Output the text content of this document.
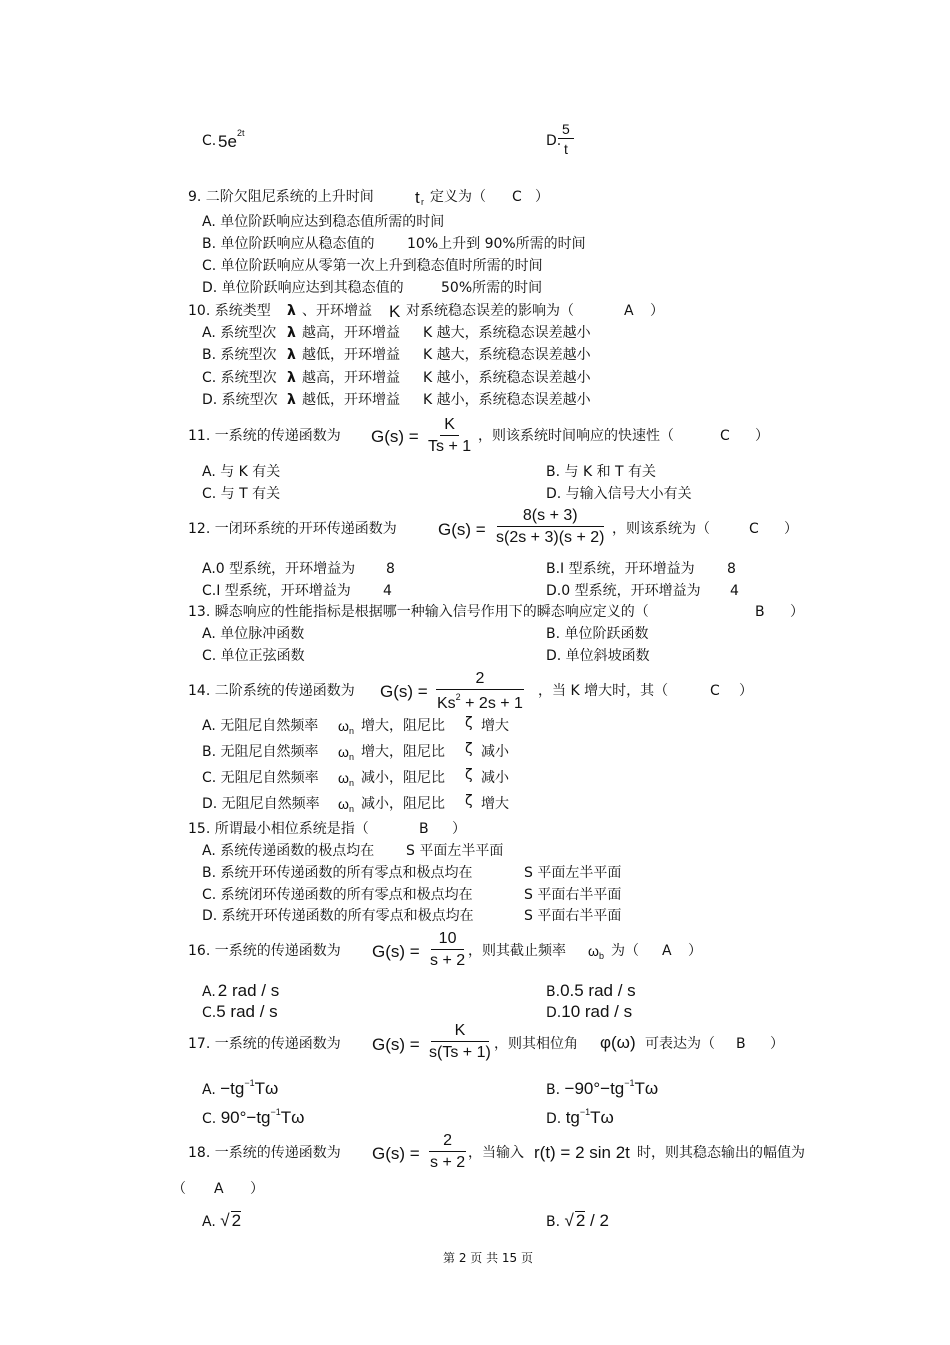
C. 5e 2t	D.
$\frac{5}{t}$
9. 二阶欠阻尼系统的上升时间 t r 定义为（ C ）
A. 单位阶跃响应达到稳态值所需的时间
B. 单位阶跃响应从稳态值的 10%上升到 90%所需的时间
C. 单位阶跃响应从零第一次上升到稳态值时所需的时间
D. 单位阶跃响应达到其稳态值的	50%所需的时间
10. 系统类型 λ 、开环增益 K 对系统稳态误差的影响为（	A ）
A. 系统型次 λ 越高，开环增益 K 越大，系统稳态误差越小
B. 系统型次 λ 越低，开环增益 K 越大，系统稳态误差越小
C. 系统型次 λ 越高，开环增益 K 越小，系统稳态误差越小
D. 系统型次 λ 越低，开环增益 K 越小，系统稳态误差越小
11. 一系统的传递函数为 $G(s) = \frac{K}{Ts + 1}$ ，则该系统时间响应的快速性（	C ）
A. 与 K 有关	B. 与 K 和 T 有关
C. 与 T 有关	D. 与输入信号大小有关
12. 一闭环系统的开环传递函数为 $G(s) = \frac{8(s + 3)}{s(2s + 3)(s + 2)}$ ，则该系统为（	C ）
A.0 型系统，开环增益为 8	B.I 型系统，开环增益为 8
C.I 型系统，开环增益为 4	D.0 型系统，开环增益为 4
13. 瞬态响应的性能指标是根据哪一种输入信号作用下的瞬态响应定义的（	B ）
A. 单位脉冲函数	B. 单位阶跃函数
C. 单位正弦函数	D. 单位斜坡函数
14. 二阶系统的传递函数为 $G(s) = \frac{2}{Ks^2 + 2s + 1}$ ，当 K 增大时，其（	C ）
A. 无阻尼自然频率 $\omega_n$ 增大，阻尼比 ζ 增大
B. 无阻尼自然频率 $\omega_n$ 增大，阻尼比 ζ 减小
C. 无阻尼自然频率 $\omega_n$ 减小，阻尼比 ζ 减小
D. 无阻尼自然频率 $\omega_n$ 减小，阻尼比 ζ 增大
15. 所谓最小相位系统是指（	B ）
A. 系统传递函数的极点均在 S 平面左半平面
B. 系统开环传递函数的所有零点和极点均在	S 平面左半平面
C. 系统闭环传递函数的所有零点和极点均在	S 平面右半平面
D. 系统开环传递函数的所有零点和极点均在	S 平面右半平面
16. 一系统的传递函数为 $G(s) = \frac{10}{s + 2}$
，则其截止频率 $\omega_b$ 为（ A ）
A. 2 rad / s	B.0.5 rad / s
C.5 rad / s	D.10 rad / s
17. 一系统的传递函数为 $G(s) = \frac{K}{s(Ts + 1)}$ ，则其相位角 φ(ω) 可表达为（ B ）
A. $-tg^{-1}T\omega$	B. $-90^\circ-tg^{-1}T\omega$
C. $90^\circ-tg^{-1}T\omega$	D. $tg^{-1}T\omega$
18. 一系统的传递函数为 $G(s) = \frac{2}{s + 2}$
，当输入 r(t) = 2 sin 2t 时，则其稳态输出的幅值为
（ A ）
A. √ 2	B. √ 2 / 2
第 2 页 共 15 页
